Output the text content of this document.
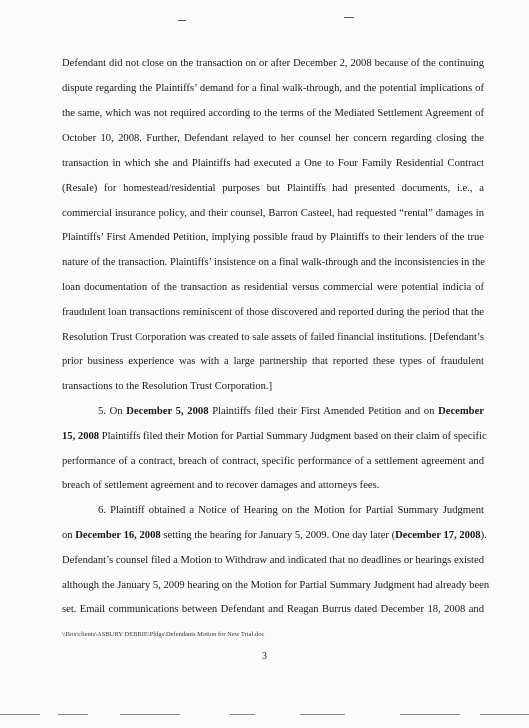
Defendant did not close on the transaction on or after December 2, 2008 because of the continuing
dispute regarding the Plaintiffs’ demand for a final walk-through, and the potential implications of
the same, which was not required according to the terms of the Mediated Settlement Agreement of
October 10, 2008. Further, Defendant relayed to her counsel her concern regarding closing the
transaction in which she and Plaintiffs had executed a One to Four Family Residential Contract
(Resale) for homestead/residential purposes but Plaintiffs had presented documents, i.e., a
commercial insurance policy, and their counsel, Barron Casteel, had requested “rental” damages in
Plaintiffs’ First Amended Petition, implying possible fraud by Plaintiffs to their lenders of the true
nature of the transaction. Plaintiffs’ insistence on a final walk-through and the inconsistencies in the
loan documentation of the transaction as residential versus commercial were potential indicia of
fraudulent loan transactions reminiscent of those discovered and reported during the period that the
Resolution Trust Corporation was created to sale assets of failed financial institutions. [Defendant’s
prior business experience was with a large partnership that reported these types of fraudulent
transactions to the Resolution Trust Corporation.]
5. On December 5, 2008 Plaintiffs filed their First Amended Petition and on December
15, 2008 Plaintiffs filed their Motion for Partial Summary Judgment based on their claim of specific
performance of a contract, breach of contract, specific performance of a settlement agreement and
breach of settlement agreement and to recover damages and attorneys fees.
6. Plaintiff obtained a Notice of Hearing on the Motion for Partial Summary Judgment
on December 16, 2008 setting the hearing for January 5, 2009. One day later (December 17, 2008).
Defendant’s counsel filed a Motion to Withdraw and indicated that no deadlines or hearings existed
although the January 5, 2009 hearing on the Motion for Partial Summary Judgment had already been
set. Email communications between Defendant and Reagan Burrus dated December 18, 2008 and
\\Box\clients\ASBURY DEBBIE\Pldgs\Defendants Motion for New Trial.doc
3
